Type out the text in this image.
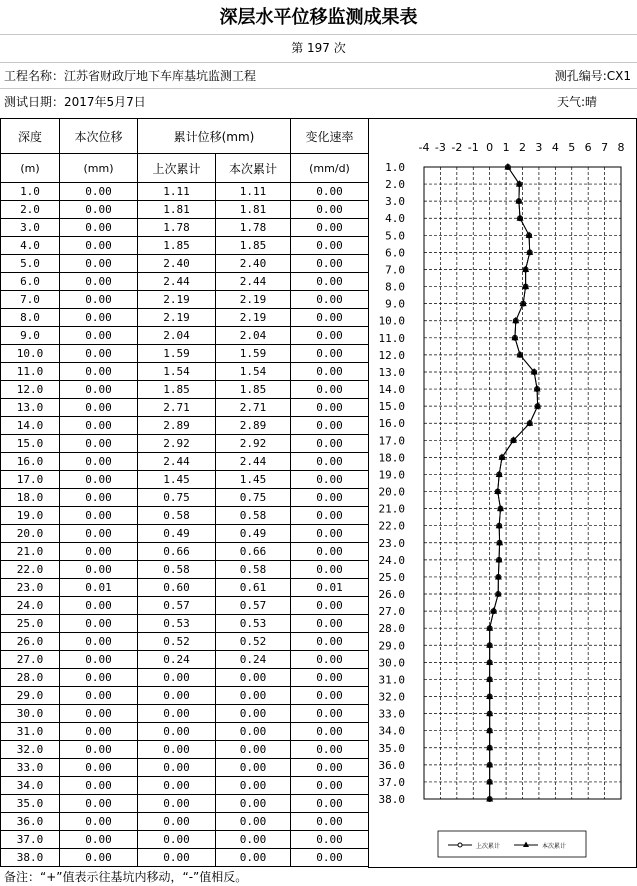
深层水平位移监测成果表
第 197 次
工程名称：江苏省财政厅地下车库基坑监测工程	测孔编号:CX1
测试日期：2017年5月7日	天气:晴
深度	本次位移	累计位移(mm)		变化速率
(m)	(mm)	上次累计	本次累计	(mm/d)
1.0	0.00	1.11	1.11	0.00
2.0	0.00	1.81	1.81	0.00
3.0	0.00	1.78	1.78	0.00
4.0	0.00	1.85	1.85	0.00
5.0	0.00	2.40	2.40	0.00
6.0	0.00	2.44	2.44	0.00
7.0	0.00	2.19	2.19	0.00
8.0	0.00	2.19	2.19	0.00
9.0	0.00	2.04	2.04	0.00
10.0	0.00	1.59	1.59	0.00
11.0	0.00	1.54	1.54	0.00
12.0	0.00	1.85	1.85	0.00
13.0	0.00	2.71	2.71	0.00
14.0	0.00	2.89	2.89	0.00
15.0	0.00	2.92	2.92	0.00
16.0	0.00	2.44	2.44	0.00
17.0	0.00	1.45	1.45	0.00
18.0	0.00	0.75	0.75	0.00
19.0	0.00	0.58	0.58	0.00
20.0	0.00	0.49	0.49	0.00
21.0	0.00	0.66	0.66	0.00
22.0	0.00	0.58	0.58	0.00
23.0	0.01	0.60	0.61	0.01
24.0	0.00	0.57	0.57	0.00
25.0	0.00	0.53	0.53	0.00
26.0	0.00	0.52	0.52	0.00
27.0	0.00	0.24	0.24	0.00
28.0	0.00	0.00	0.00	0.00
29.0	0.00	0.00	0.00	0.00
30.0	0.00	0.00	0.00	0.00
31.0	0.00	0.00	0.00	0.00
32.0	0.00	0.00	0.00	0.00
33.0	0.00	0.00	0.00	0.00
34.0	0.00	0.00	0.00	0.00
35.0	0.00	0.00	0.00	0.00
36.0	0.00	0.00	0.00	0.00
37.0	0.00	0.00	0.00	0.00
38.0	0.00	0.00	0.00	0.00
-4 -3 -2 -1 0 1 2 3 4 5 6 7 8
1.0
2.0
3.0
4.0
5.0
6.0
7.0
8.0
9.0
10.0
11.0
12.0
13.0
14.0
15.0
16.0
17.0
18.0
19.0
20.0
21.0
22.0
23.0
24.0
25.0
26.0
27.0
28.0
29.0
30.0
31.0
32.0
33.0
34.0
35.0
36.0
37.0
38.0
上次累计	本次累计
备注：“+”值表示往基坑内移动，“-”值相反。
